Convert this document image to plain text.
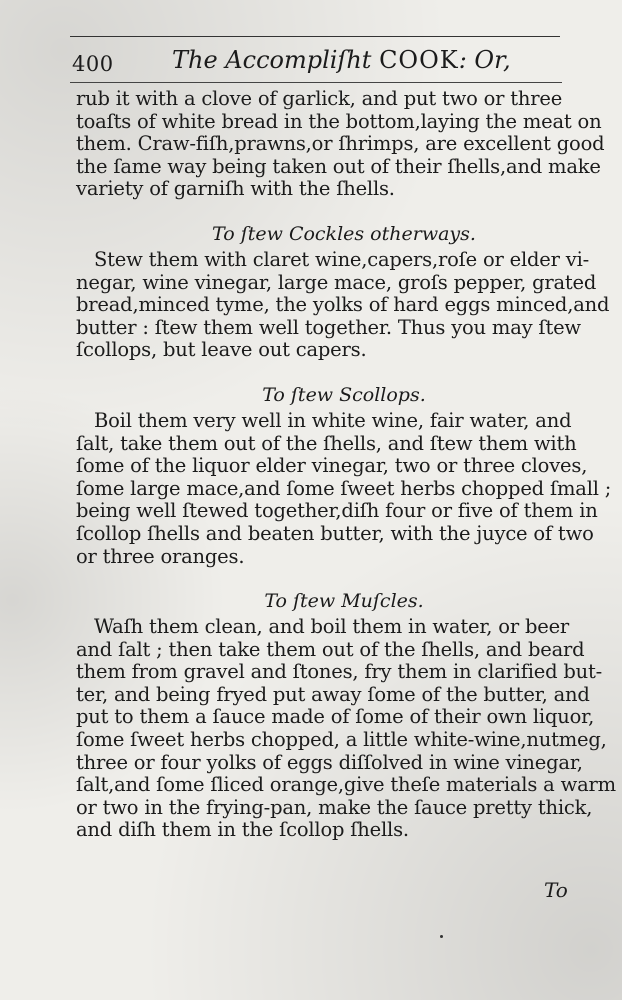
400 The Accompliſht COOK: Or,
rub it with a clove of garlick, and put two or three
toaſts of white bread in the bottom,laying the meat on
them. Craw-fiſh,prawns,or ſhrimps, are excellent good
the ſame way being taken out of their ſhells,and make
variety of garniſh with the ſhells.
To ſtew Cockles otherways.
Stew them with claret wine,capers,roſe or elder vi-
negar, wine vinegar, large mace, groſs pepper, grated
bread,minced tyme, the yolks of hard eggs minced,and
butter : ſtew them well together. Thus you may ſtew
ſcollops, but leave out capers.
To ſtew Scollops.
Boil them very well in white wine, fair water, and
ſalt, take them out of the ſhells, and ſtew them with
ſome of the liquor elder vinegar, two or three cloves,
ſome large mace,and ſome ſweet herbs chopped ſmall ;
being well ſtewed together,diſh four or five of them in
ſcollop ſhells and beaten butter, with the juyce of two
or three oranges.
To ſtew Muſcles.
Waſh them clean, and boil them in water, or beer
and ſalt ; then take them out of the ſhells, and beard
them from gravel and ſtones, fry them in clarified but-
ter, and being fryed put away ſome of the butter, and
put to them a ſauce made of ſome of their own liquor,
ſome ſweet herbs chopped, a little white-wine,nutmeg,
three or four yolks of eggs diſſolved in wine vinegar,
ſalt,and ſome ſliced orange,give theſe materials a warm
or two in the frying-pan, make the ſauce pretty thick,
and diſh them in the ſcollop ſhells.
To
